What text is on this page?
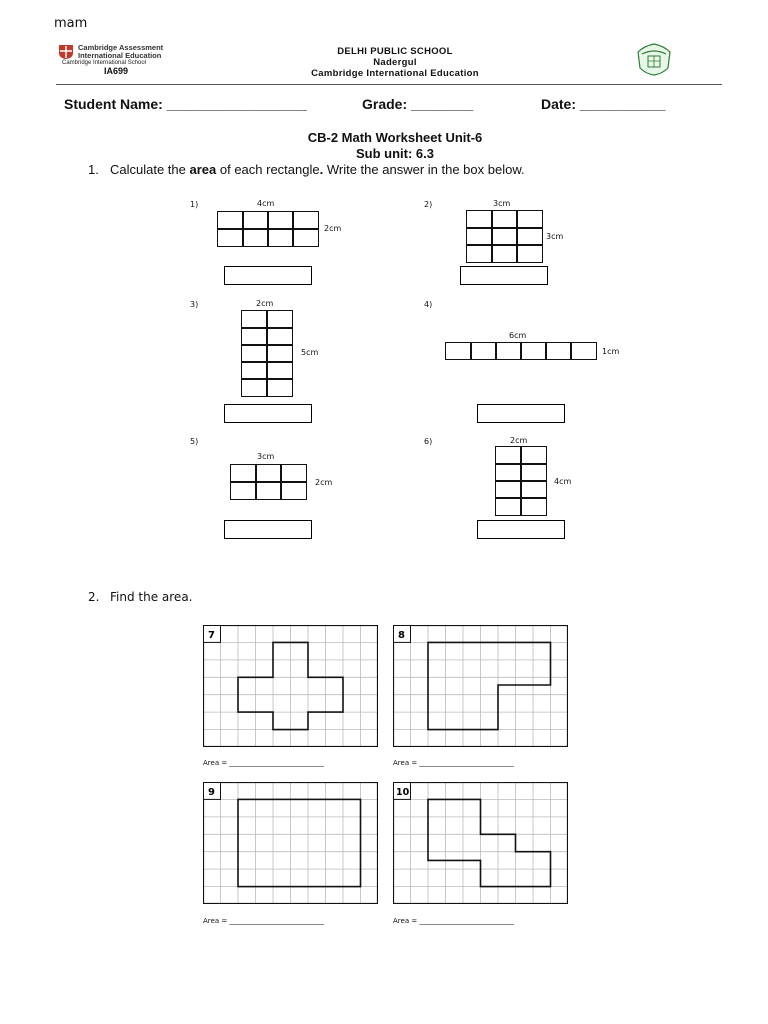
mam
Cambridge Assessment
International Education
Cambridge International School
IA699
DELHI PUBLIC SCHOOL
Nadergul
Cambridge International Education
Student Name: __________________	Grade: ________	Date: ___________
CB-2 Math Worksheet Unit-6
Sub unit: 6.3
1. Calculate the area of each rectangle. Write the answer in the box below.
1)	4cm
2cm
2)	3cm
3cm
3)	2cm
5cm
4)
6cm
1cm
5)
3cm
2cm
6)	2cm
4cm
2. Find the area.
7
Area = ___________________________
8
Area = ___________________________
9
Area = ___________________________
10
Area = ___________________________
